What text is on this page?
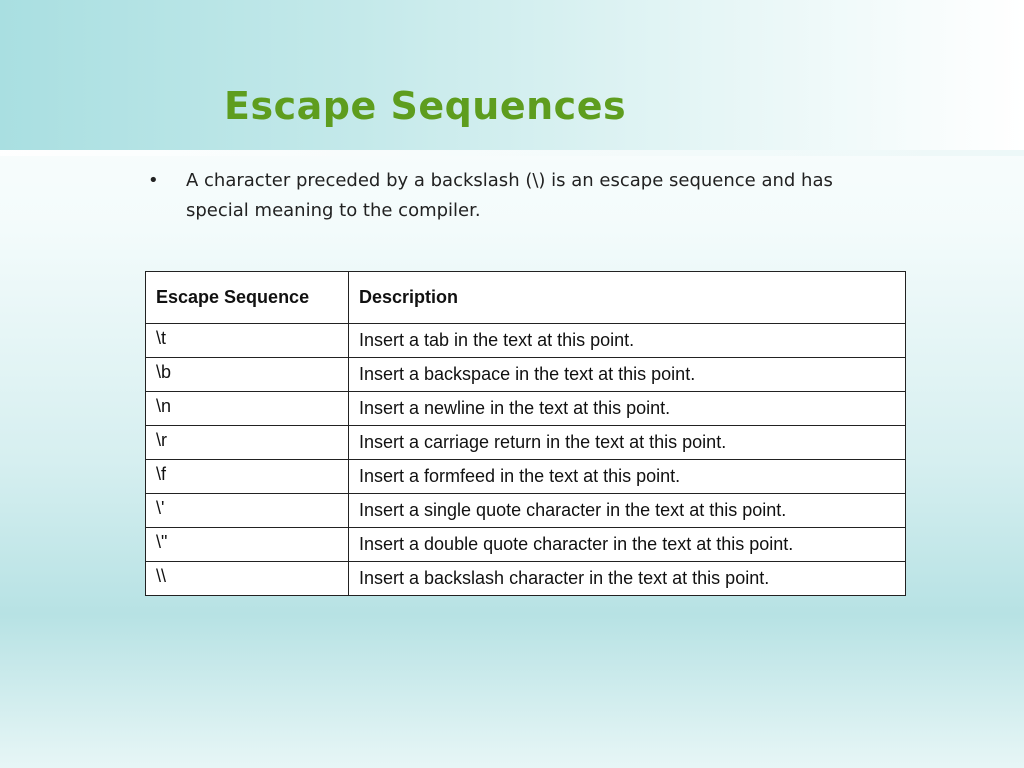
Escape Sequences
• A character preceded by a backslash (\) is an escape sequence and has special meaning to the compiler.
Escape Sequence	Description
\t	Insert a tab in the text at this point.
\b	Insert a backspace in the text at this point.
\n	Insert a newline in the text at this point.
\r	Insert a carriage return in the text at this point.
\f	Insert a formfeed in the text at this point.
\'	Insert a single quote character in the text at this point.
\"	Insert a double quote character in the text at this point.
\\	Insert a backslash character in the text at this point.
